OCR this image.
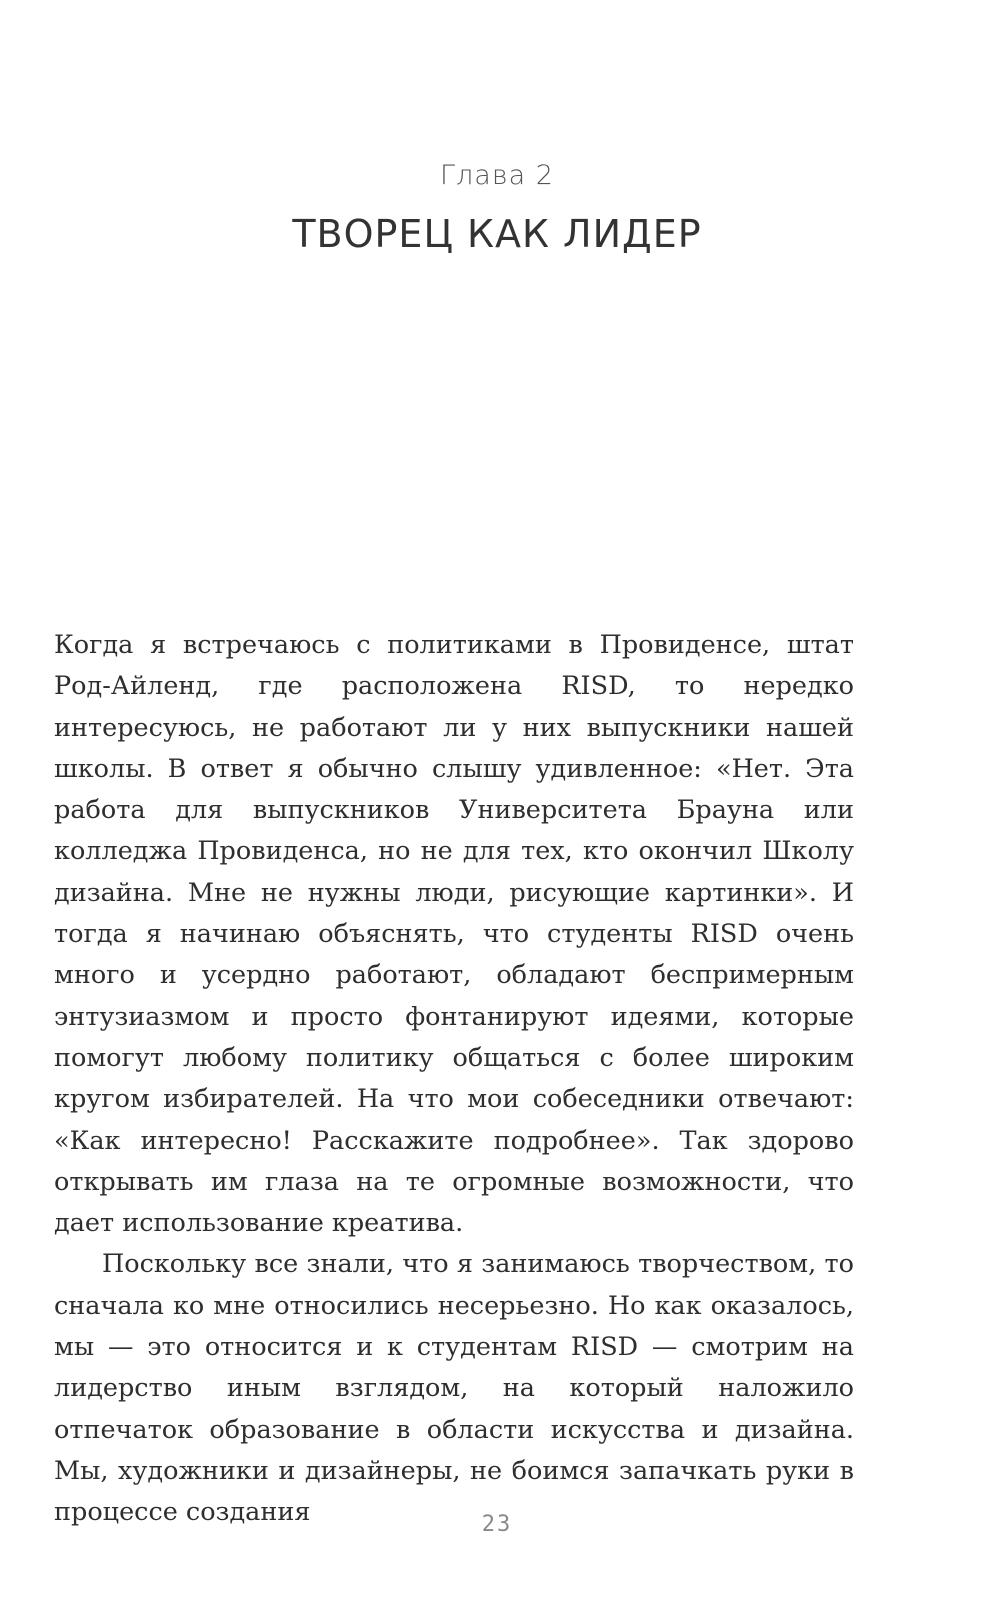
Глава 2
ТВОРЕЦ КАК ЛИДЕР

Когда я встречаюсь с политиками в Провиденсе, штат Род-Айленд, где расположена RISD, то нередко интересуюсь, не работают ли у них выпускники нашей школы. В ответ я обычно слышу удивленное: «Нет. Эта работа для выпускников Университета Брауна или колледжа Провиденса, но не для тех, кто окончил Школу дизайна. Мне не нужны люди, рисующие картинки». И тогда я начинаю объяснять, что студенты RISD очень много и усердно работают, обладают беспримерным энтузиазмом и просто фонтанируют идеями, которые помогут любому политику общаться с более широким кругом избирателей. На что мои собеседники отвечают: «Как интересно! Расскажите подробнее». Так здорово открывать им глаза на те огромные возможности, что дает использование креатива.

Поскольку все знали, что я занимаюсь творчеством, то сначала ко мне относились несерьезно. Но как оказалось, мы — это относится и к студентам RISD — смотрим на лидерство иным взглядом, на который наложило отпечаток образование в области искусства и дизайна. Мы, художники и дизайнеры, не боимся запачкать руки в процессе создания	23
